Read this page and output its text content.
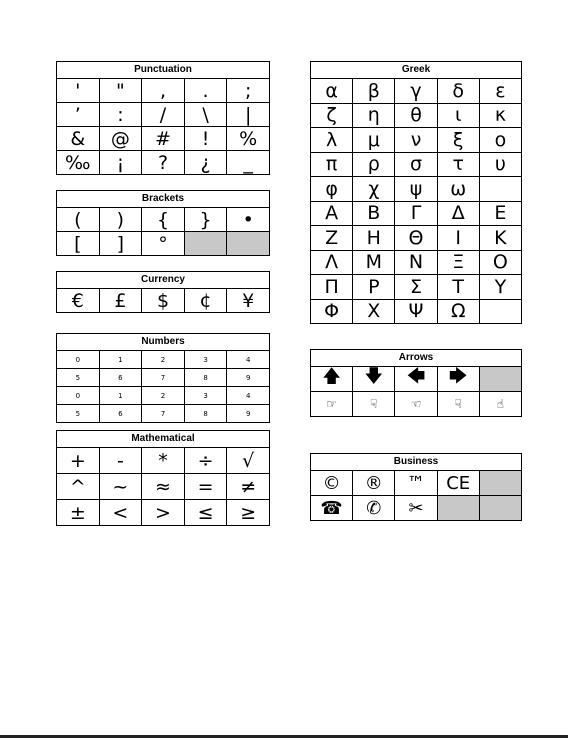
Punctuation
'	"	,	.	;
’	:	/	\	|
&	@	#	!	%
‰	¡	?	¿	_
Brackets
(	)	{	}	•
[	]	°
Currency
€	£	$	¢	¥
Numbers
0	1	2	3	4
5	6	7	8	9
0	1	2	3	4
5	6	7	8	9
Mathematical
+	-	*	÷	√
^	~	≈	=	≠
±	<	>	≤	≥
Greek
α	β	γ	δ	ε
ζ	η	θ	ι	κ
λ	μ	ν	ξ	ο
π	ρ	σ	τ	υ
φ	χ	ψ	ω
Α	Β	Γ	Δ	Ε
Ζ	Η	Θ	Ι	Κ
Λ	Μ	Ν	Ξ	Ο
Π	Ρ	Σ	Τ	Υ
Φ	Χ	Ψ	Ω
Arrows
🡅	🡇	🡄	🡆
☞	☟	☜	☟	☝
Business
©	®	™	CE
☎	✆	✂
